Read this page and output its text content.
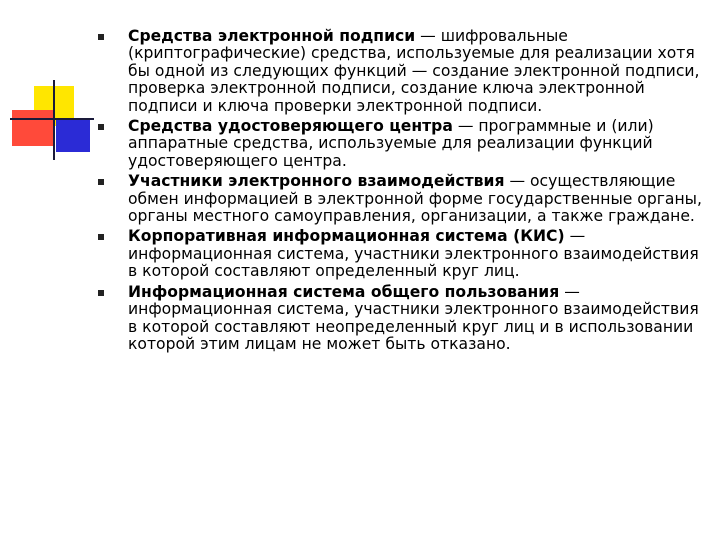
Средства электронной подписи — шифровальные (криптографические) средства, используемые для реализации хотя бы одной из следующих функций — создание электронной подписи, проверка электронной подписи, создание ключа электронной подписи и ключа проверки электронной подписи.
Средства удостоверяющего центра — программные и (или) аппаратные средства, используемые для реализации функций удостоверяющего центра.
Участники электронного взаимодействия — осуществляющие обмен информацией в электронной форме государственные органы, органы местного самоуправления, организации, а также граждане.
Корпоративная информационная система (КИС) — информационная система, участники электронного взаимодействия в которой составляют определенный круг лиц.
Информационная система общего пользования — информационная система, участники электронного взаимодействия в которой составляют неопределенный круг лиц и в использовании которой этим лицам не может быть отказано.
